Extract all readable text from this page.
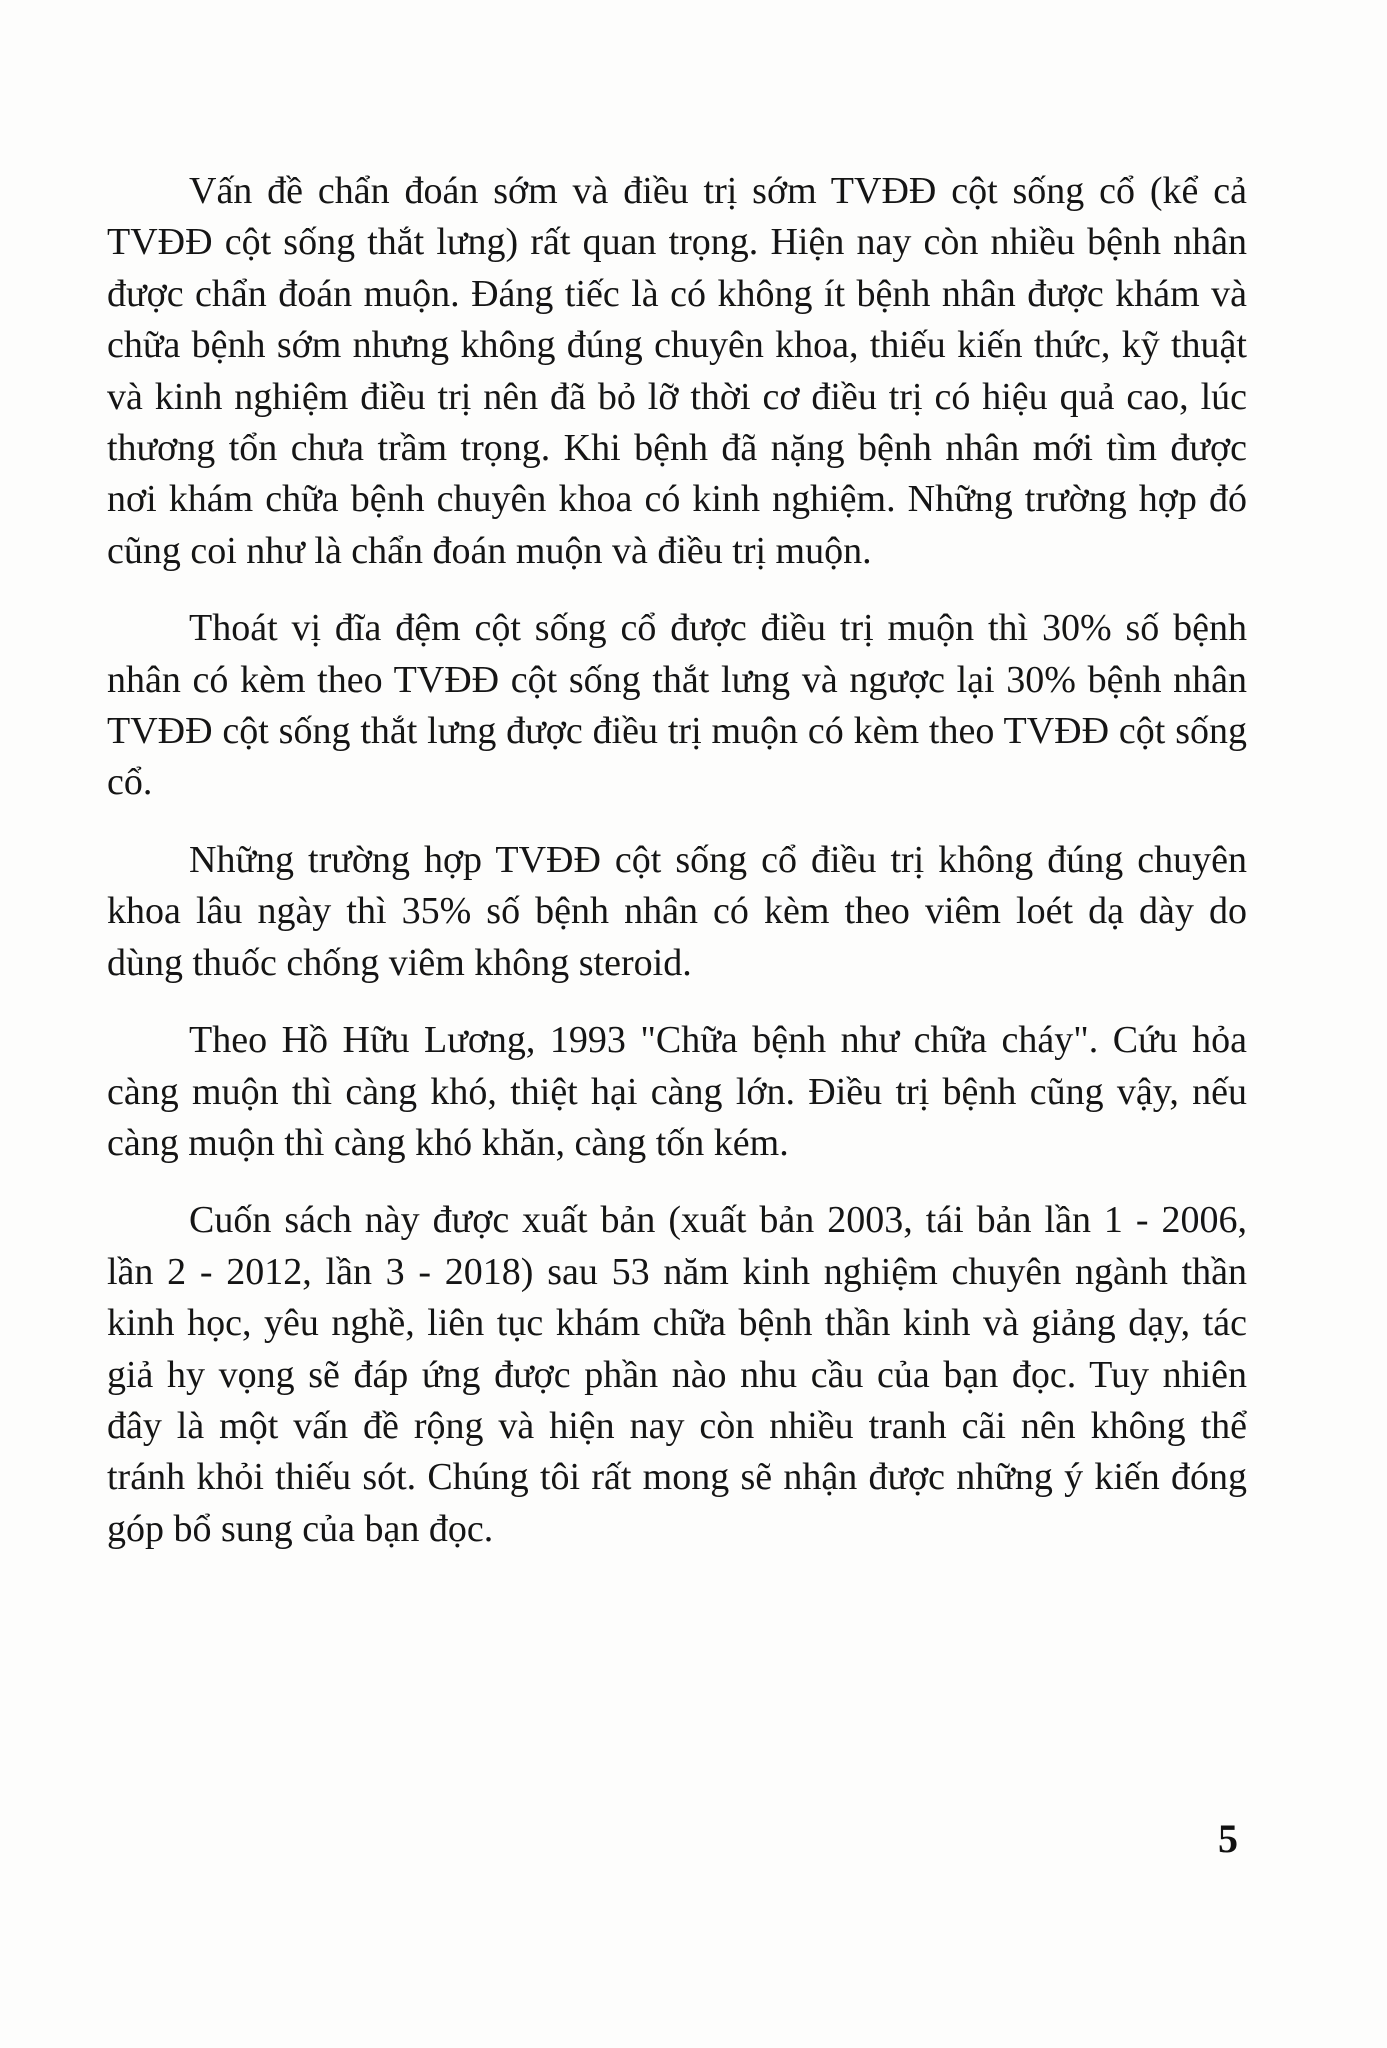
Vấn đề chẩn đoán sớm và điều trị sớm TVĐĐ cột sống cổ (kể cả TVĐĐ cột sống thắt lưng) rất quan trọng. Hiện nay còn nhiều bệnh nhân được chẩn đoán muộn. Đáng tiếc là có không ít bệnh nhân được khám và chữa bệnh sớm nhưng không đúng chuyên khoa, thiếu kiến thức, kỹ thuật và kinh nghiệm điều trị nên đã bỏ lỡ thời cơ điều trị có hiệu quả cao, lúc thương tổn chưa trầm trọng. Khi bệnh đã nặng bệnh nhân mới tìm được nơi khám chữa bệnh chuyên khoa có kinh nghiệm. Những trường hợp đó cũng coi như là chẩn đoán muộn và điều trị muộn.

Thoát vị đĩa đệm cột sống cổ được điều trị muộn thì 30% số bệnh nhân có kèm theo TVĐĐ cột sống thắt lưng và ngược lại 30% bệnh nhân TVĐĐ cột sống thắt lưng được điều trị muộn có kèm theo TVĐĐ cột sống cổ.

Những trường hợp TVĐĐ cột sống cổ điều trị không đúng chuyên khoa lâu ngày thì 35% số bệnh nhân có kèm theo viêm loét dạ dày do dùng thuốc chống viêm không steroid.

Theo Hồ Hữu Lương, 1993 "Chữa bệnh như chữa cháy". Cứu hỏa càng muộn thì càng khó, thiệt hại càng lớn. Điều trị bệnh cũng vậy, nếu càng muộn thì càng khó khăn, càng tốn kém.

Cuốn sách này được xuất bản (xuất bản 2003, tái bản lần 1 - 2006, lần 2 - 2012, lần 3 - 2018) sau 53 năm kinh nghiệm chuyên ngành thần kinh học, yêu nghề, liên tục khám chữa bệnh thần kinh và giảng dạy, tác giả hy vọng sẽ đáp ứng được phần nào nhu cầu của bạn đọc. Tuy nhiên đây là một vấn đề rộng và hiện nay còn nhiều tranh cãi nên không thể tránh khỏi thiếu sót. Chúng tôi rất mong sẽ nhận được những ý kiến đóng góp bổ sung của bạn đọc.

5
